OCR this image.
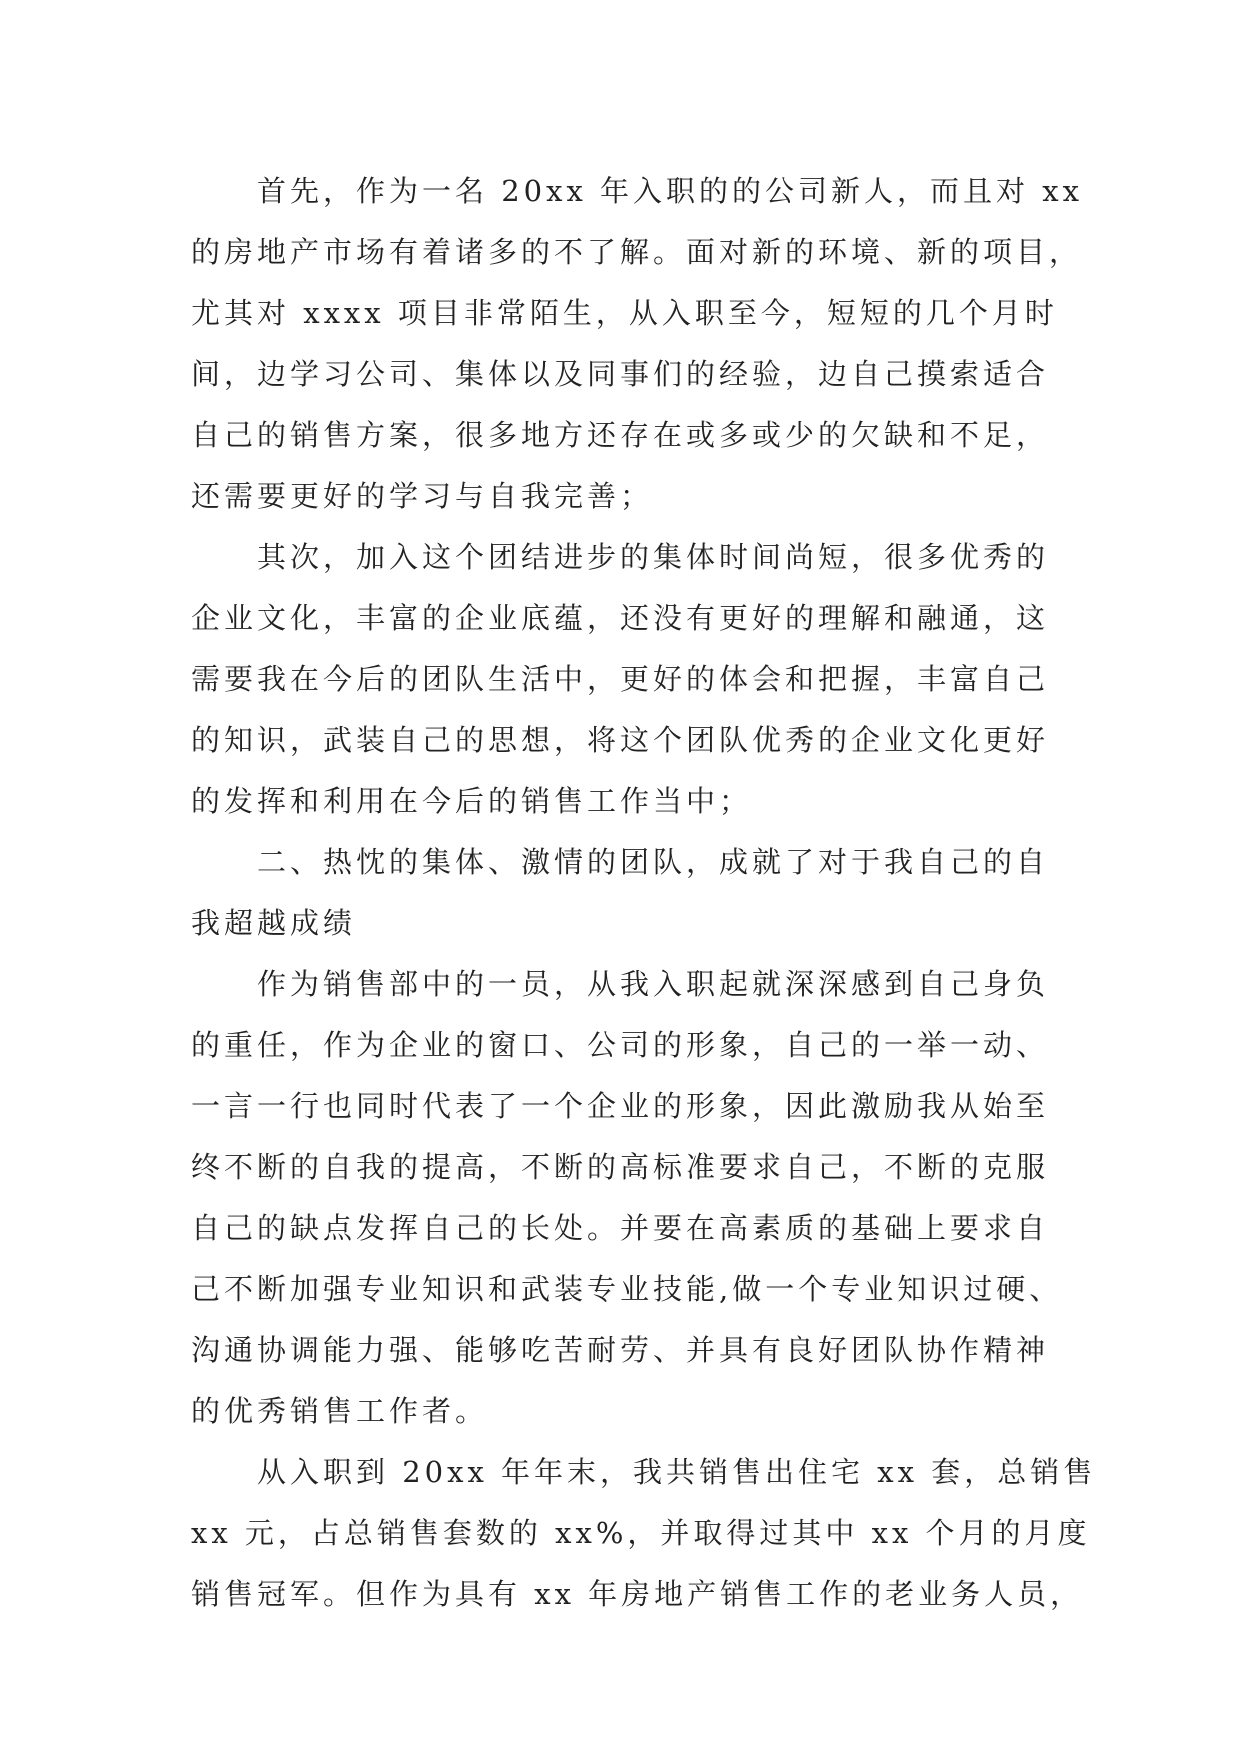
首先，作为一名 20xx 年入职的的公司新人，而且对 xx
的房地产市场有着诸多的不了解。面对新的环境、新的项目，
尤其对 xxxx 项目非常陌生，从入职至今，短短的几个月时
间，边学习公司、集体以及同事们的经验，边自己摸索适合
自己的销售方案，很多地方还存在或多或少的欠缺和不足，
还需要更好的学习与自我完善；
其次，加入这个团结进步的集体时间尚短，很多优秀的
企业文化，丰富的企业底蕴，还没有更好的理解和融通，这
需要我在今后的团队生活中，更好的体会和把握，丰富自己
的知识，武装自己的思想，将这个团队优秀的企业文化更好
的发挥和利用在今后的销售工作当中；
二、热忱的集体、激情的团队，成就了对于我自己的自
我超越成绩
作为销售部中的一员，从我入职起就深深感到自己身负
的重任，作为企业的窗口、公司的形象，自己的一举一动、
一言一行也同时代表了一个企业的形象，因此激励我从始至
终不断的自我的提高，不断的高标准要求自己，不断的克服
自己的缺点发挥自己的长处。并要在高素质的基础上要求自
己不断加强专业知识和武装专业技能,做一个专业知识过硬、
沟通协调能力强、能够吃苦耐劳、并具有良好团队协作精神
的优秀销售工作者。
从入职到 20xx 年年末，我共销售出住宅 xx 套，总销售
xx 元，占总销售套数的 xx%，并取得过其中 xx 个月的月度
销售冠军。但作为具有 xx 年房地产销售工作的老业务人员，
